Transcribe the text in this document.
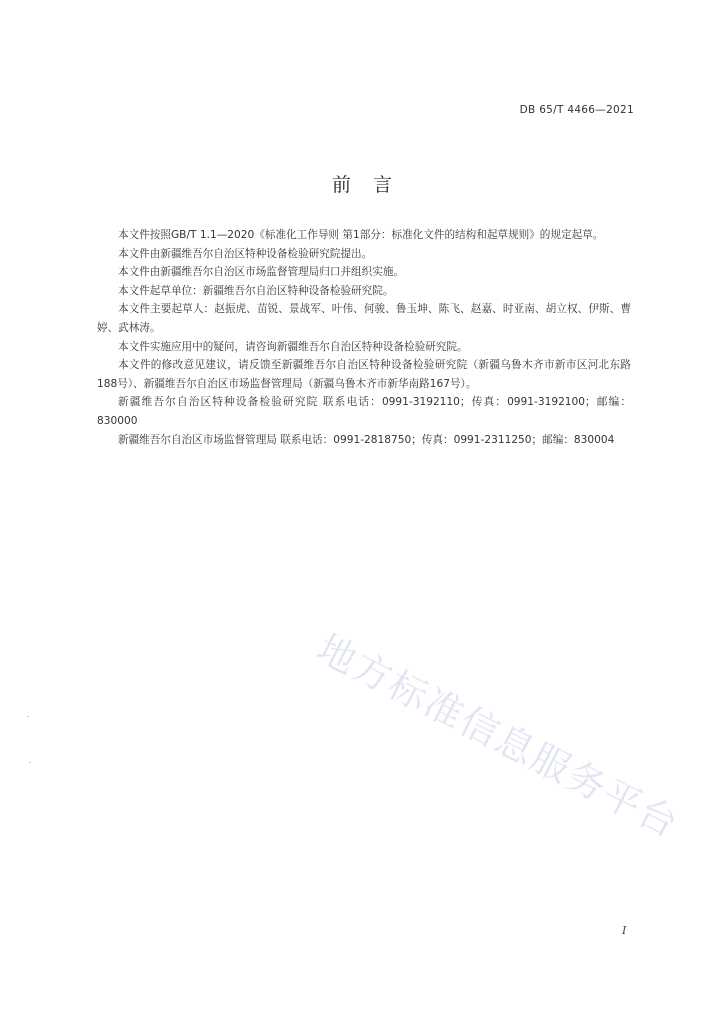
DB 65/T 4466—2021
前言

本文件按照GB/T 1.1—2020《标准化工作导则 第1部分：标准化文件的结构和起草规则》的规定起草。

本文件由新疆维吾尔自治区特种设备检验研究院提出。

本文件由新疆维吾尔自治区市场监督管理局归口并组织实施。

本文件起草单位：新疆维吾尔自治区特种设备检验研究院。

本文件主要起草人：赵振虎、苗锐、景战军、叶伟、何骏、鲁玉坤、陈飞、赵嘉、时亚南、胡立权、伊斯、曹婷、武林涛。

本文件实施应用中的疑问，请咨询新疆维吾尔自治区特种设备检验研究院。

本文件的修改意见建议，请反馈至新疆维吾尔自治区特种设备检验研究院（新疆乌鲁木齐市新市区河北东路188号）、新疆维吾尔自治区市场监督管理局（新疆乌鲁木齐市新华南路167号）。

新疆维吾尔自治区特种设备检验研究院 联系电话：0991-3192110；传真：0991-3192100；邮编：830000

新疆维吾尔自治区市场监督管理局 联系电话：0991-2818750；传真：0991-2311250；邮编：830004

地方标准信息服务平台
I
